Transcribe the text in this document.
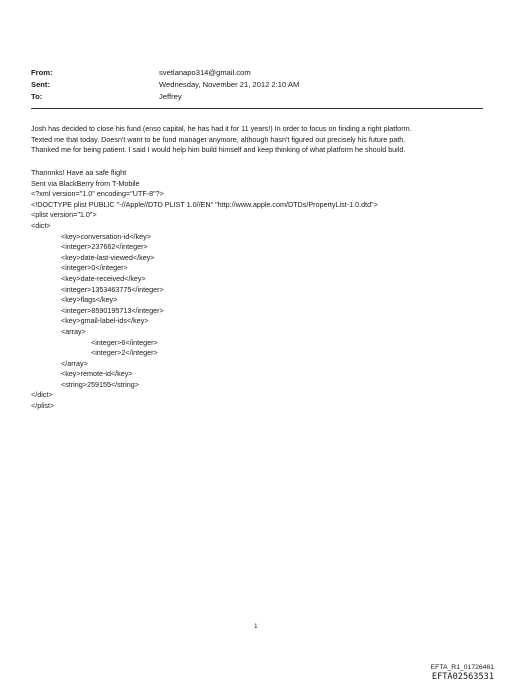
From:	svetlanapo314@gmail.com
Sent:	Wednesday, November 21, 2012 2:10 AM
To:	Jeffrey
Josh has decided to close his fund (enso capital, he has had it for 11 years!) In order to focus on finding a right platform.
Texted me that today. Doesn't want to be fund manager anymore, although hasn't figured out precisely his future path.
Thanked me for being patient. I said I would help him build himself and keep thinking of what platform he should build.
Thannnks! Have aa safe flight
Sent via BlackBerry from T-Mobile
<?xml version="1.0" encoding="UTF-8"?>
<!DOCTYPE plist PUBLIC "-//Apple//DTD PLIST 1.0//EN" "http://www.apple.com/DTDs/PropertyList-1.0.dtd">
<plist version="1.0">
<dict>
<key>conversation-id</key>
<integer>237662</integer>
<key>date-last-viewed</key>
<integer>0</integer>
<key>date-received</key>
<integer>1353463775</integer>
<key>flags</key>
<integer>8590195713</integer>
<key>gmail-label-ids</key>
<array>
<integer>6</integer>
<integer>2</integer>
</array>
<key>remote-id</key>
<string>259155</string>
</dict>
</plist>
1
EFTA_R1_01726461
EFTA02563531
